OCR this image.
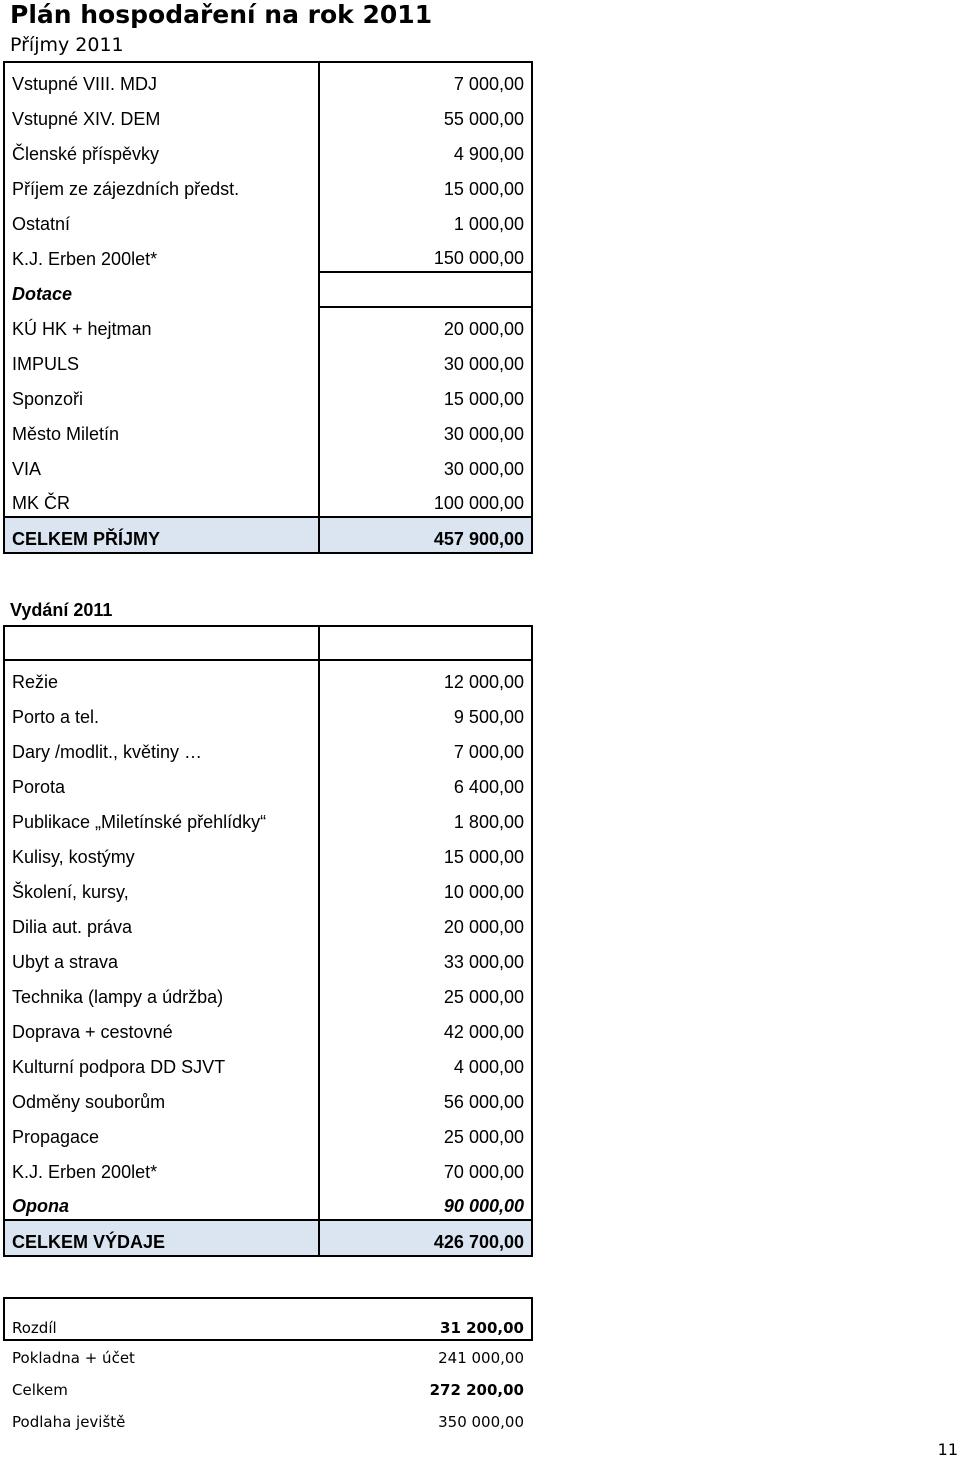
Plán hospodaření na rok 2011
Příjmy 2011
Vstupné VIII. MDJ	7 000,00
Vstupné XIV. DEM	55 000,00
Členské příspěvky	4 900,00
Příjem ze zájezdních předst.	15 000,00
Ostatní	1 000,00
K.J. Erben 200let*	150 000,00
Dotace	
KÚ HK + hejtman	20 000,00
IMPULS	30 000,00
Sponzoři	15 000,00
Město Miletín	30 000,00
VIA	30 000,00
MK ČR	100 000,00
CELKEM PŘÍJMY	457 900,00
Vydání 2011

Režie	12 000,00
Porto a tel.	9 500,00
Dary /modlit., květiny …	7 000,00
Porota	6 400,00
Publikace „Miletínské přehlídky“	1 800,00
Kulisy, kostýmy	15 000,00
Školení, kursy,	10 000,00
Dilia aut. práva	20 000,00
Ubyt a strava	33 000,00
Technika (lampy a údržba)	25 000,00
Doprava + cestovné	42 000,00
Kulturní podpora DD SJVT	4 000,00
Odměny souborům	56 000,00
Propagace	25 000,00
K.J. Erben 200let*	70 000,00
Opona	90 000,00
CELKEM VÝDAJE	426 700,00
Rozdíl	31 200,00
Pokladna + účet	241 000,00
Celkem	272 200,00
Podlaha jeviště	350 000,00
11
